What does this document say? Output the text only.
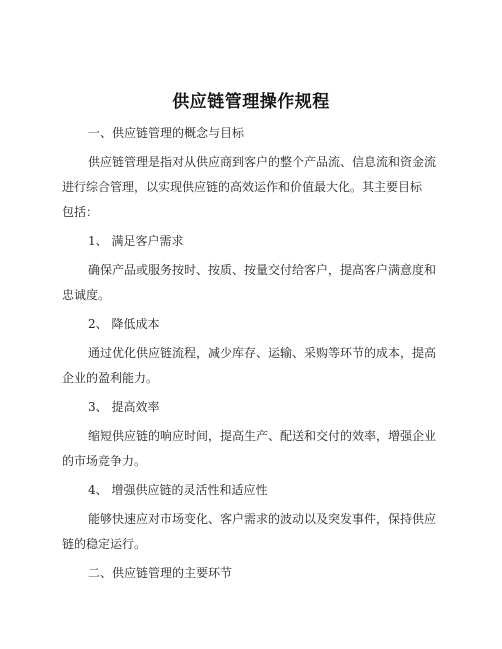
供应链管理操作规程
一、供应链管理的概念与目标
供应链管理是指对从供应商到客户的整个产品流、信息流和资金流
进行综合管理，以实现供应链的高效运作和价值最大化。其主要目标
包括：
1、 满足客户需求
确保产品或服务按时、按质、按量交付给客户，提高客户满意度和
忠诚度。
2、 降低成本
通过优化供应链流程，减少库存、运输、采购等环节的成本，提高
企业的盈利能力。
3、 提高效率
缩短供应链的响应时间，提高生产、配送和交付的效率，增强企业
的市场竞争力。
4、 增强供应链的灵活性和适应性
能够快速应对市场变化、客户需求的波动以及突发事件，保持供应
链的稳定运行。
二、供应链管理的主要环节
